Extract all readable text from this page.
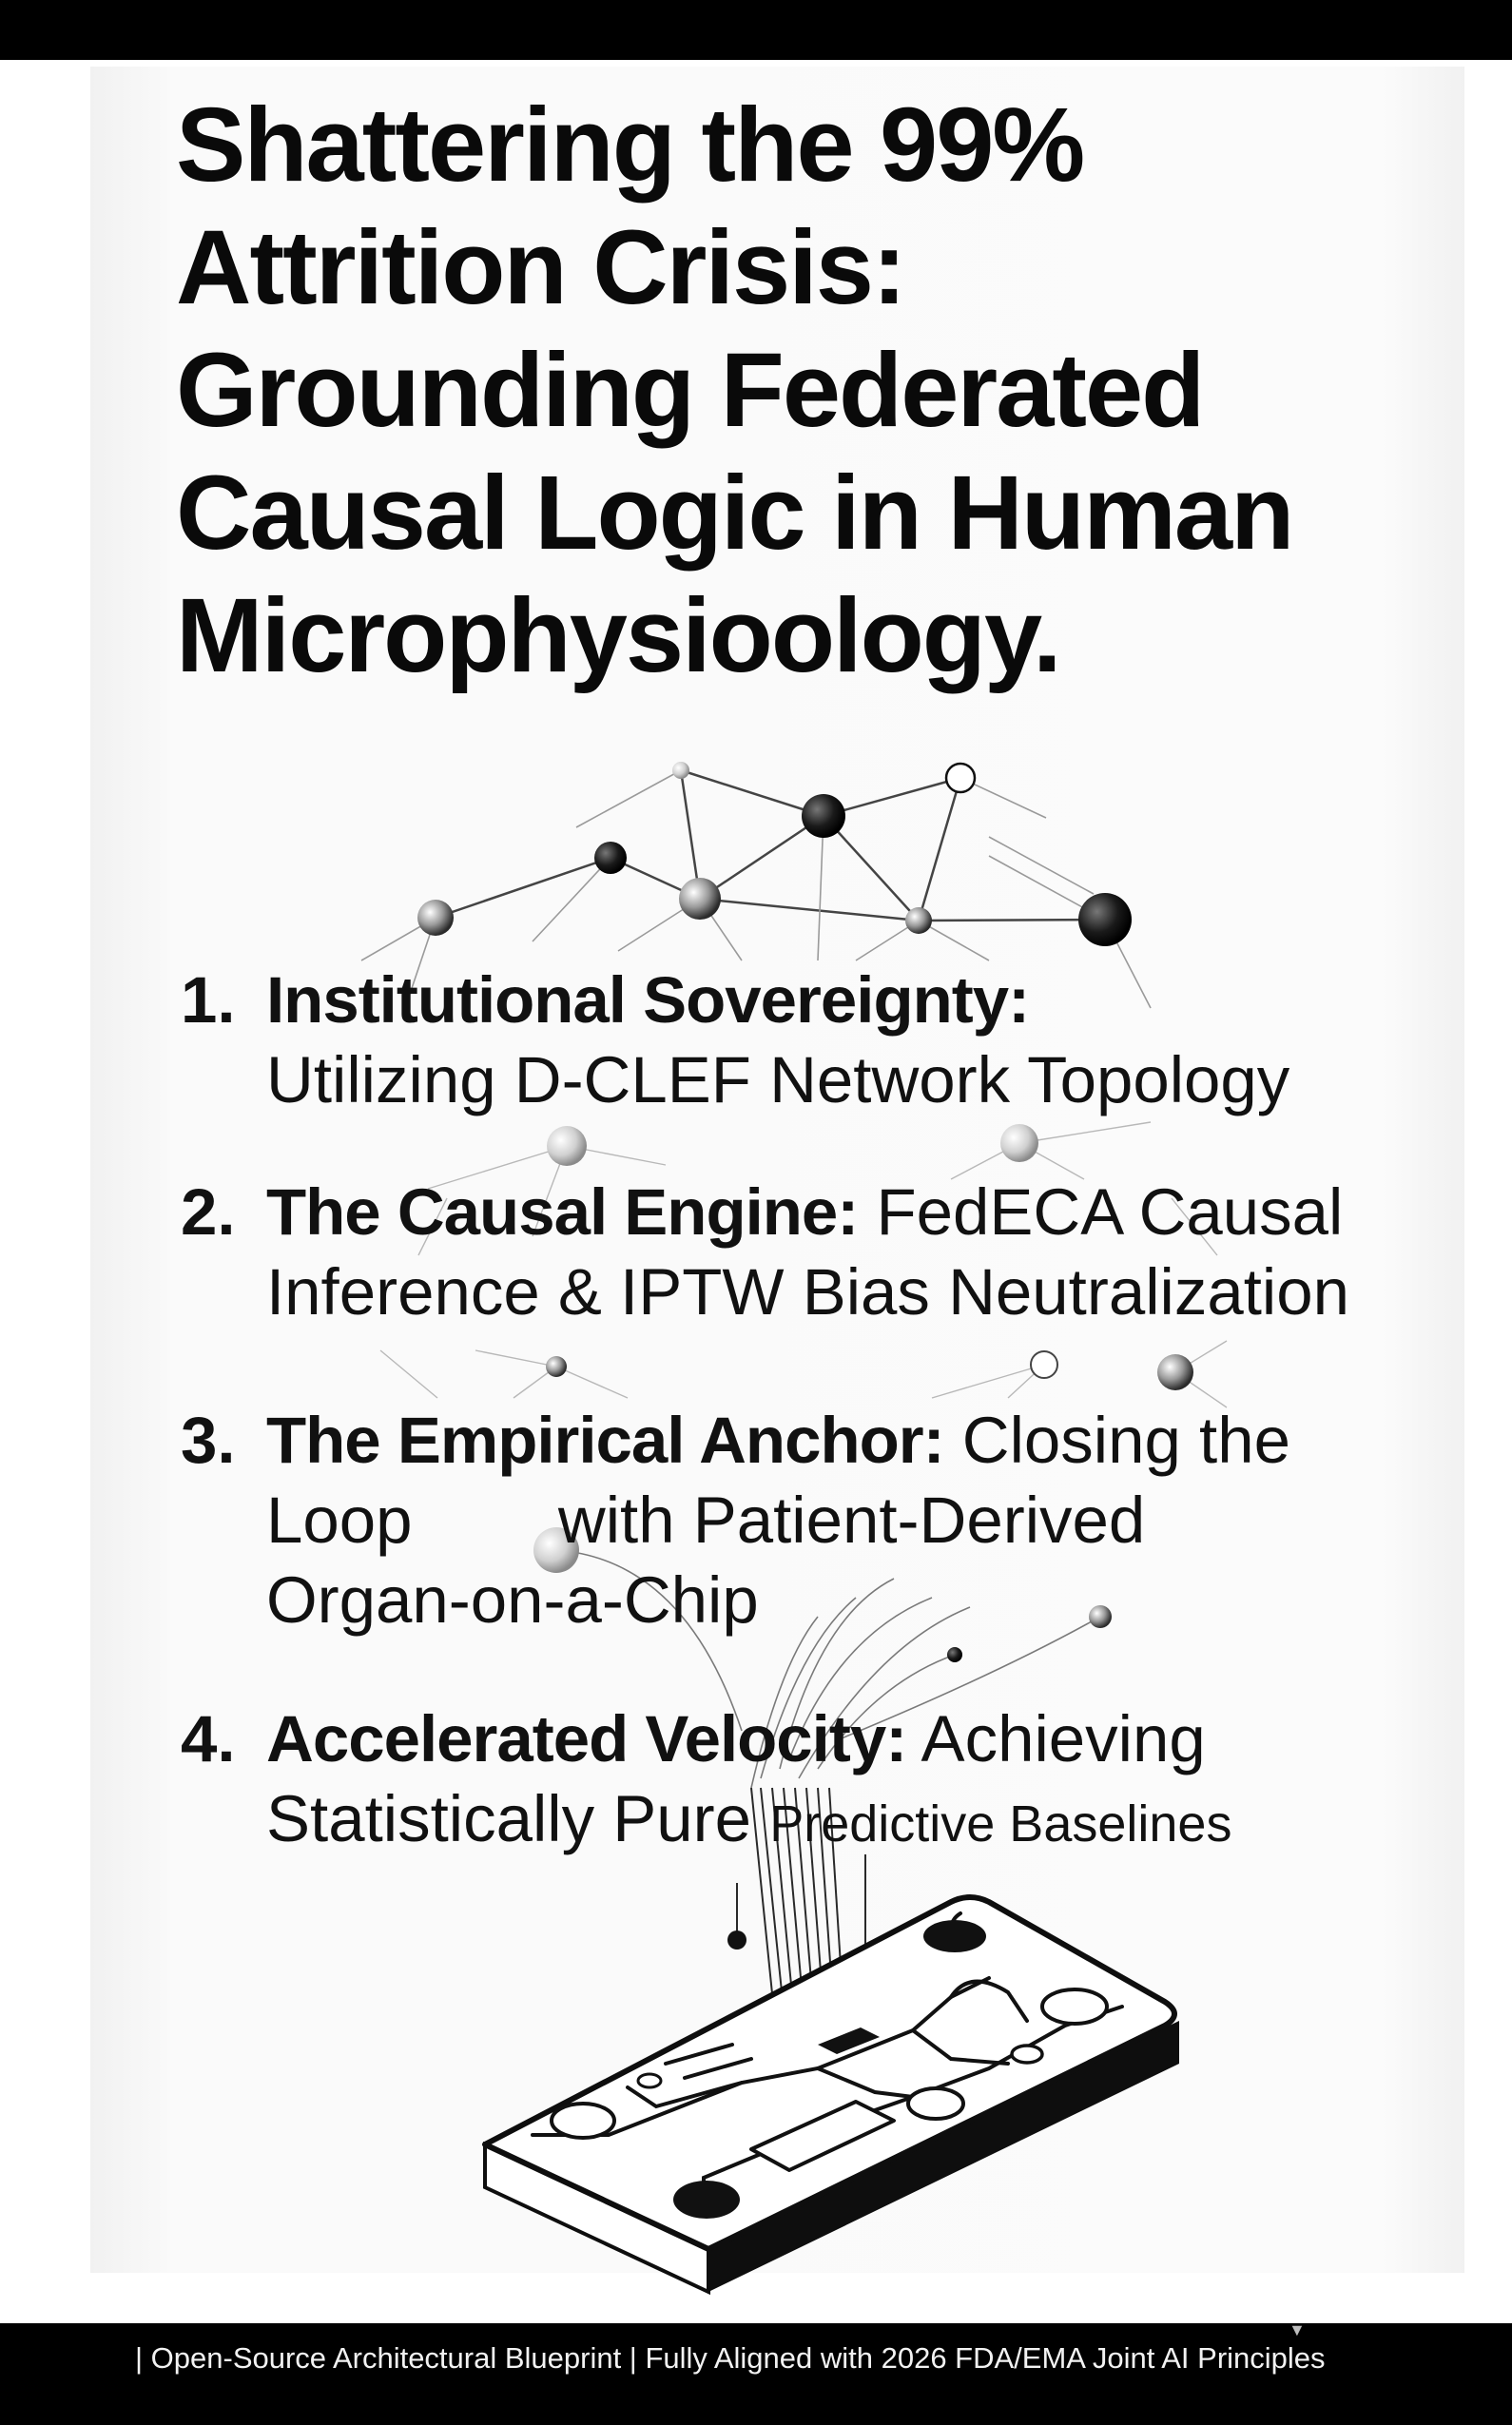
Shattering the 99%
Attrition Crisis:
Grounding Federated
Causal Logic in Human
Microphysioology.
1. Institutional Sovereignty:
Utilizing D-CLEF Network Topology
2. The Causal Engine: FedECA Causal
Inference & IPTW Bias Neutralization
3. The Empirical Anchor: Closing the
Loop        with Patient-Derived
Organ-on-a-Chip
4. Accelerated Velocity: Achieving
Statistically Pure Predictive Baselines
| Open-Source Architectural Blueprint | Fully Aligned with 2026 FDA/EMA Joint AI Principles
▼
